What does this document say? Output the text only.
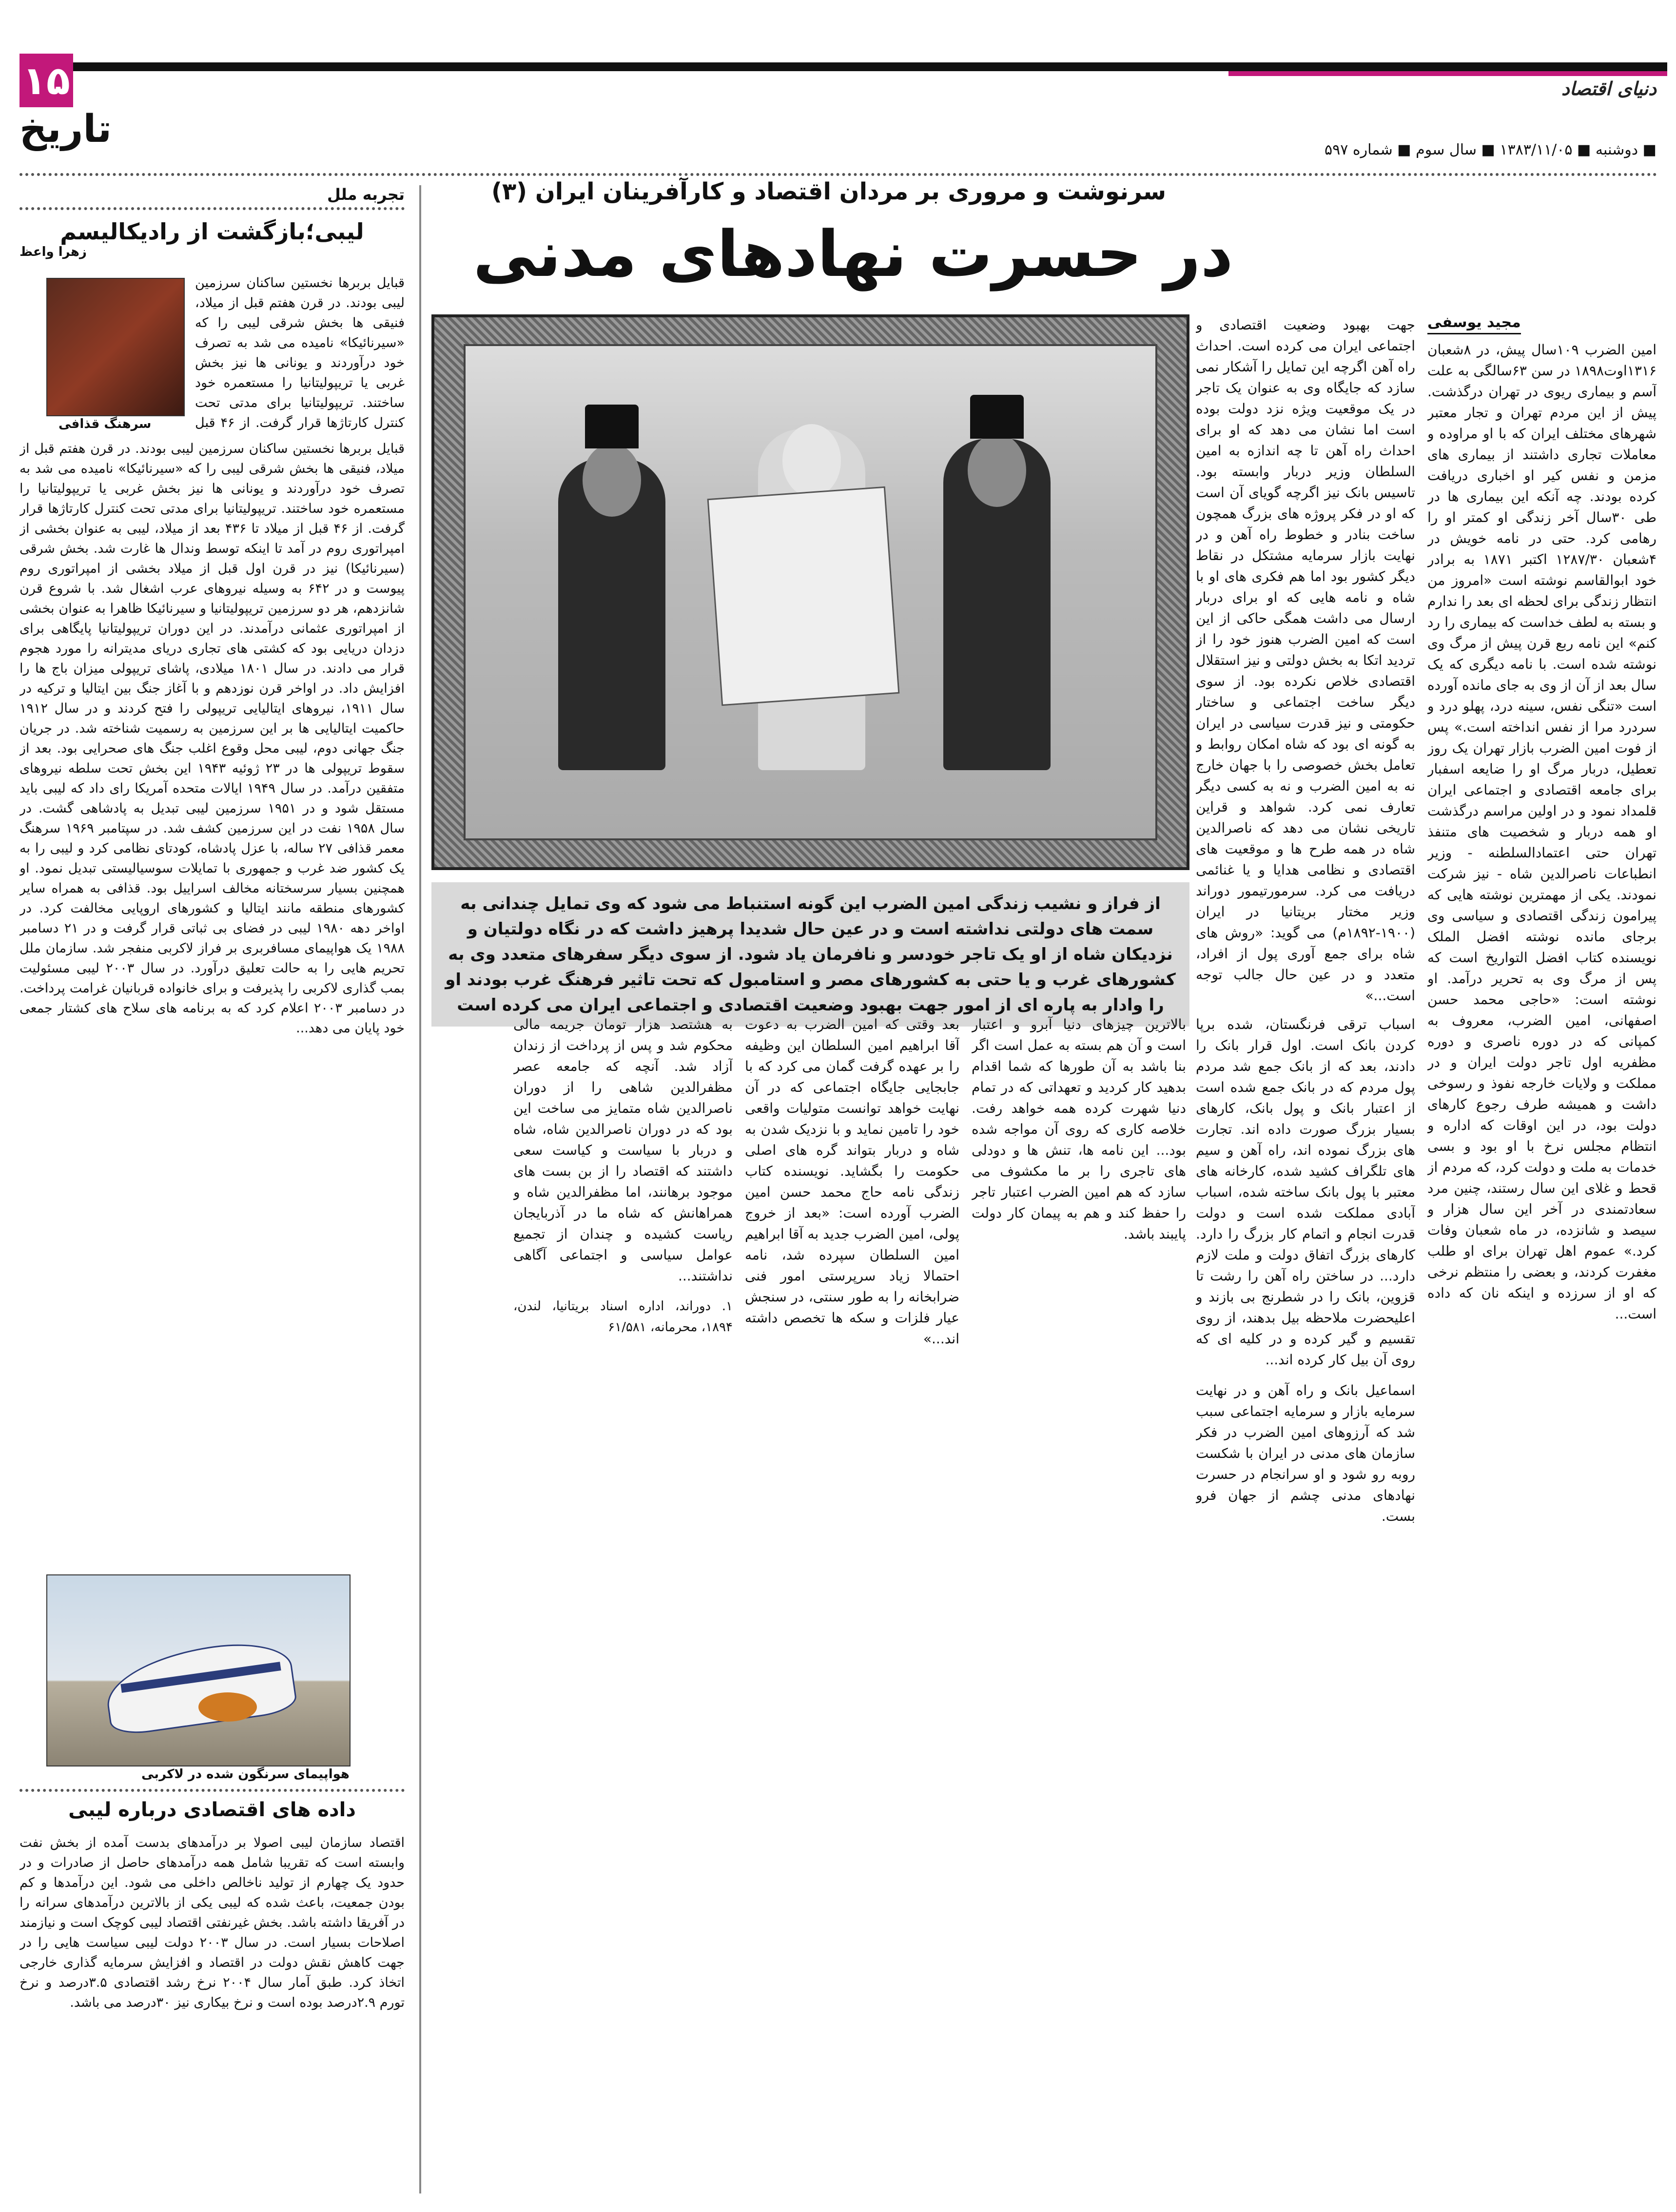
۱۵
تاریخ
دنیای اقتصاد
■ دوشنبه ■ ۱۳۸۳/۱۱/۰۵ ■ سال سوم ■ شماره ۵۹۷
سرنوشت و مروری بر مردان اقتصاد و کارآفرینان ایران (۳)
در حسرت نهادهای مدنی
مجید یوسفی
امین الضرب ۱۰۹سال پیش، در ۸شعبان ۱۳۱۶اوت۱۸۹۸ در سن ۶۳سالگی به علت آسم و بیماری ریوی در تهران درگذشت. پیش از این مردم تهران و تجار معتبر شهرهای مختلف ایران که با او مراوده و معاملات تجاری داشتند از بیماری های مزمن و نفس کیر او اخباری دریافت کرده بودند. چه آنکه این بیماری ها در طی ۳۰سال آخر زندگی او کمتر او را رهامی کرد. حتی در نامه خویش در ۴شعبان ۱۲۸۷/۳۰ اکتبر ۱۸۷۱ به برادر خود ابوالقاسم نوشته است «امروز من انتظار زندگی برای لحظه ای بعد را ندارم و بسته به لطف خداست که بیماری را رد کنم» این نامه ربع قرن پیش از مرگ وی نوشته شده است. با نامه دیگری که یک سال بعد از آن از وی به جای مانده آورده است «تنگی نفس، سینه درد، پهلو درد و سردرد مرا از نفس انداخته است.» پس از فوت امین الضرب بازار تهران یک روز تعطیل، دربار مرگ او را ضایعه اسفبار برای جامعه اقتصادی و اجتماعی ایران قلمداد نمود و در اولین مراسم درگذشت او همه دربار و شخصیت های متنفذ تهران حتی اعتمادالسلطنه - وزیر انطباعات ناصرالدین شاه - نیز شرکت نمودند. یکی از مهمترین نوشته هایی که پیرامون زندگی اقتصادی و سیاسی وی برجای مانده نوشته افضل الملک نویسنده کتاب افضل التواریخ است که پس از مرگ وی به تحریر درآمد. او نوشته است: «حاجی محمد حسن اصفهانی، امین الضرب، معروف به کمپانی که در دوره ناصری و دوره مظفریه اول تاجر دولت ایران و در مملکت و ولایات خارجه نفوذ و رسوخی داشت و همیشه طرف رجوع کارهای دولت بود، در این اوقات که اداره و انتظام مجلس نرخ با او بود و بسی خدمات به ملت و دولت کرد، که مردم از قحط و غلای این سال رستند، چنین مرد سعادتمندی در آخر این سال هزار و سیصد و شانزده، در ماه شعبان وفات کرد.» عموم اهل تهران برای او طلب مغفرت کردند، و بعضی را منتظم نرخی که او از سرزده و اینکه نان که داده است...
جهت بهبود وضعیت اقتصادی و اجتماعی ایران می کرده است. احداث راه آهن اگرچه این تمایل را آشکار نمی سازد که جایگاه وی به عنوان یک تاجر در یک موقعیت ویژه نزد دولت بوده است اما نشان می دهد که او برای احداث راه آهن تا چه اندازه به امین السلطان وزیر دربار وابسته بود. تاسیس بانک نیز اگرچه گویای آن است که او در فکر پروژه های بزرگ همچون ساخت بنادر و خطوط راه آهن و در نهایت بازار سرمایه مشتکل در نقاط دیگر کشور بود اما هم فکری های او با شاه و نامه هایی که او برای دربار ارسال می داشت همگی حاکی از این است که امین الضرب هنوز خود را از تردید اتکا به بخش دولتی و نیز استقلال اقتصادی خلاص نکرده بود. از سوی دیگر ساخت اجتماعی و ساختار حکومتی و نیز قدرت سیاسی در ایران به گونه ای بود که شاه امکان روابط و تعامل بخش خصوصی را با جهان خارج نه به امین الضرب و نه به کسی دیگر تعارف نمی کرد. شواهد و قراین تاریخی نشان می دهد که ناصرالدین شاه در همه طرح ها و موقعیت های اقتصادی و نظامی هدایا و یا غنائمی دریافت می کرد. سرمورتیمور دوراند وزیر مختار بریتانیا در ایران (۱۹۰۰-۱۸۹۲م) می گوید: «روش های شاه برای جمع آوری پول از افراد، متعدد و در عین حال جالب توجه است...»
از فراز و نشیب زندگی امین الضرب این گونه استنباط می شود که وی تمایل چندانی به سمت های دولتی نداشته است و در عین حال شدیدا پرهیز داشت که در نگاه دولتیان و نزدیکان شاه از او یک تاجر خودسر و نافرمان یاد شود. از سوی دیگر سفرهای متعدد وی به کشورهای غرب و یا حتی به کشورهای مصر و استامبول که تحت تاثیر فرهنگ غرب بودند او را وادار به پاره ای از امور جهت بهبود وضعیت اقتصادی و اجتماعی ایران می کرده است
اسباب ترقی فرنگستان، شده برپا کردن بانک است. اول قرار بانک را دادند، بعد که از بانک جمع شد مردم پول مردم که در بانک جمع شده است از اعتبار بانک و پول بانک، کارهای بسیار بزرگ صورت داده اند. تجارت های بزرگ نموده اند، راه آهن و سیم های تلگراف کشید شده، کارخانه های معتبر با پول بانک ساخته شده، اسباب آبادی مملکت شده است و دولت قدرت انجام و اتمام کار بزرگ را دارد. کارهای بزرگ اتفاق دولت و ملت لازم دارد... در ساختن راه آهن را رشت تا قزوین، بانک را در شطرنج بی بازند و اعلیحضرت ملاحظه بیل بدهند، از روی تقسیم و گیر کرده و در کلیه ای که روی آن بیل کار کرده اند...
اسماعیل بانک و راه آهن و در نهایت سرمایه بازار و سرمایه اجتماعی سبب شد که آرزوهای امین الضرب در فکر سازمان های مدنی در ایران با شکست روبه رو شود و او سرانجام در حسرت نهادهای مدنی چشم از جهان فرو بست.
بالاترین چیزهای دنیا آبرو و اعتبار است و آن هم بسته به عمل است اگر بنا باشد به آن طورها که شما اقدام بدهید کار کردید و تعهداتی که در تمام دنیا شهرت کرده همه خواهد رفت. خلاصه کاری که روی آن مواجه شده بود... این نامه ها، تنش ها و دودلی های تاجری را بر ما مکشوف می سازد که هم امین الضرب اعتبار تاجر را حفظ کند و هم به پیمان کار دولت پایبند باشد.
بعد وقتی که امین الضرب به دعوت آقا ابراهیم امین السلطان این وظیفه را بر عهده گرفت گمان می کرد که با جابجایی جایگاه اجتماعی که در آن نهایت خواهد توانست متولیات واقعی خود را تامین نماید و با نزدیک شدن به شاه و دربار بتواند گره های اصلی حکومت را بگشاید. نویسنده کتاب زندگی نامه حاج محمد حسن امین الضرب آورده است: «بعد از خروج پولی، امین الضرب جدید به آقا ابراهیم امین السلطان سپرده شد، نامه احتمالا زیاد سرپرستی امور فنی ضرابخانه را به طور سنتی، در سنجش عیار فلزات و سکه ها تخصص داشته اند...»
به هشتصد هزار تومان جریمه مالی محکوم شد و پس از پرداخت از زندان آزاد شد. آنچه که جامعه عصر مظفرالدین شاهی را از دوران ناصرالدین شاه متمایز می ساخت این بود که در دوران ناصرالدین شاه، شاه و دربار با سیاست و کیاست سعی داشتند که اقتصاد را از بن بست های موجود برهانند، اما مظفرالدین شاه و همراهانش که شاه ما در آذربایجان ریاست کشیده و چندان از تجمیع عوامل سیاسی و اجتماعی آگاهی نداشتند...
۱. دوراند، اداره اسناد بریتانیا، لندن، ۱۸۹۴، محرمانه، ۶۱/۵۸۱
تجربه ملل
لیبی؛بازگشت از رادیکالیسم
زهرا واعظ
سرهنگ قذافی
قبایل بربرها نخستین ساکنان سرزمین لیبی بودند. در قرن هفتم قبل از میلاد، فنیقی ها بخش شرقی لیبی را که «سیرنائیکا» نامیده می شد به تصرف خود درآوردند و یونانی ها نیز بخش غربی یا تریپولیتانیا را مستعمره خود ساختند. تریپولیتانیا برای مدتی تحت کنترل کارتاژها قرار گرفت. از ۴۶ قبل
قبایل بربرها نخستین ساکنان سرزمین لیبی بودند. در قرن هفتم قبل از میلاد، فنیقی ها بخش شرقی لیبی را که «سیرنائیکا» نامیده می شد به تصرف خود درآوردند و یونانی ها نیز بخش غربی یا تریپولیتانیا را مستعمره خود ساختند. تریپولیتانیا برای مدتی تحت کنترل کارتاژها قرار گرفت. از ۴۶ قبل از میلاد تا ۴۳۶ بعد از میلاد، لیبی به عنوان بخشی از امپراتوری روم در آمد تا اینکه توسط وندال ها غارت شد. بخش شرقی (سیرنائیکا) نیز در قرن اول قبل از میلاد بخشی از امپراتوری روم پیوست و در ۶۴۲ به وسیله نیروهای عرب اشغال شد. با شروع قرن شانزدهم، هر دو سرزمین تریپولیتانیا و سیرنائیکا ظاهرا به عنوان بخشی از امپراتوری عثمانی درآمدند. در این دوران تریپولیتانیا پایگاهی برای دزدان دریایی بود که کشتی های تجاری دریای مدیترانه را مورد هجوم قرار می دادند. در سال ۱۸۰۱ میلادی، پاشای تریپولی میزان باج ها را افزایش داد. در اواخر قرن نوزدهم و با آغاز جنگ بین ایتالیا و ترکیه در سال ۱۹۱۱، نیروهای ایتالیایی تریپولی را فتح کردند و در سال ۱۹۱۲ حاکمیت ایتالیایی ها بر این سرزمین به رسمیت شناخته شد. در جریان جنگ جهانی دوم، لیبی محل وقوع اغلب جنگ های صحرایی بود. بعد از سقوط تریپولی ها در ۲۳ ژوئیه ۱۹۴۳ این بخش تحت سلطه نیروهای متفقین درآمد. در سال ۱۹۴۹ ایالات متحده آمریکا رای داد که لیبی باید مستقل شود و در ۱۹۵۱ سرزمین لیبی تبدیل به پادشاهی گشت. در سال ۱۹۵۸ نفت در این سرزمین کشف شد. در سپتامبر ۱۹۶۹ سرهنگ معمر قذافی ۲۷ ساله، با عزل پادشاه، کودتای نظامی کرد و لیبی را به یک کشور ضد غرب و جمهوری با تمایلات سوسیالیستی تبدیل نمود. او همچنین بسیار سرسختانه مخالف اسراییل بود. قذافی به همراه سایر کشورهای منطقه مانند ایتالیا و کشورهای اروپایی مخالفت کرد. در اواخر دهه ۱۹۸۰ لیبی در فضای بی ثباتی قرار گرفت و در ۲۱ دسامبر ۱۹۸۸ یک هواپیمای مسافربری بر فراز لاکربی منفجر شد. سازمان ملل تحریم هایی را به حالت تعلیق درآورد. در سال ۲۰۰۳ لیبی مسئولیت بمب گذاری لاکربی را پذیرفت و برای خانواده قربانیان غرامت پرداخت. در دسامبر ۲۰۰۳ اعلام کرد که به برنامه های سلاح های کشتار جمعی خود پایان می دهد...
هواپیمای سرنگون شده در لاکربی
داده های اقتصادی درباره لیبی
اقتصاد سازمان لیبی اصولا بر درآمدهای بدست آمده از بخش نفت وابسته است که تقریبا شامل همه درآمدهای حاصل از صادرات و در حدود یک چهارم از تولید ناخالص داخلی می شود. این درآمدها و کم بودن جمعیت، باعث شده که لیبی یکی از بالاترین درآمدهای سرانه را در آفریقا داشته باشد. بخش غیرنفتی اقتصاد لیبی کوچک است و نیازمند اصلاحات بسیار است. در سال ۲۰۰۳ دولت لیبی سیاست هایی را در جهت کاهش نقش دولت در اقتصاد و افزایش سرمایه گذاری خارجی اتخاذ کرد. طبق آمار سال ۲۰۰۴ نرخ رشد اقتصادی ۳.۵درصد و نرخ تورم ۲.۹درصد بوده است و نرخ بیکاری نیز ۳۰درصد می باشد.
